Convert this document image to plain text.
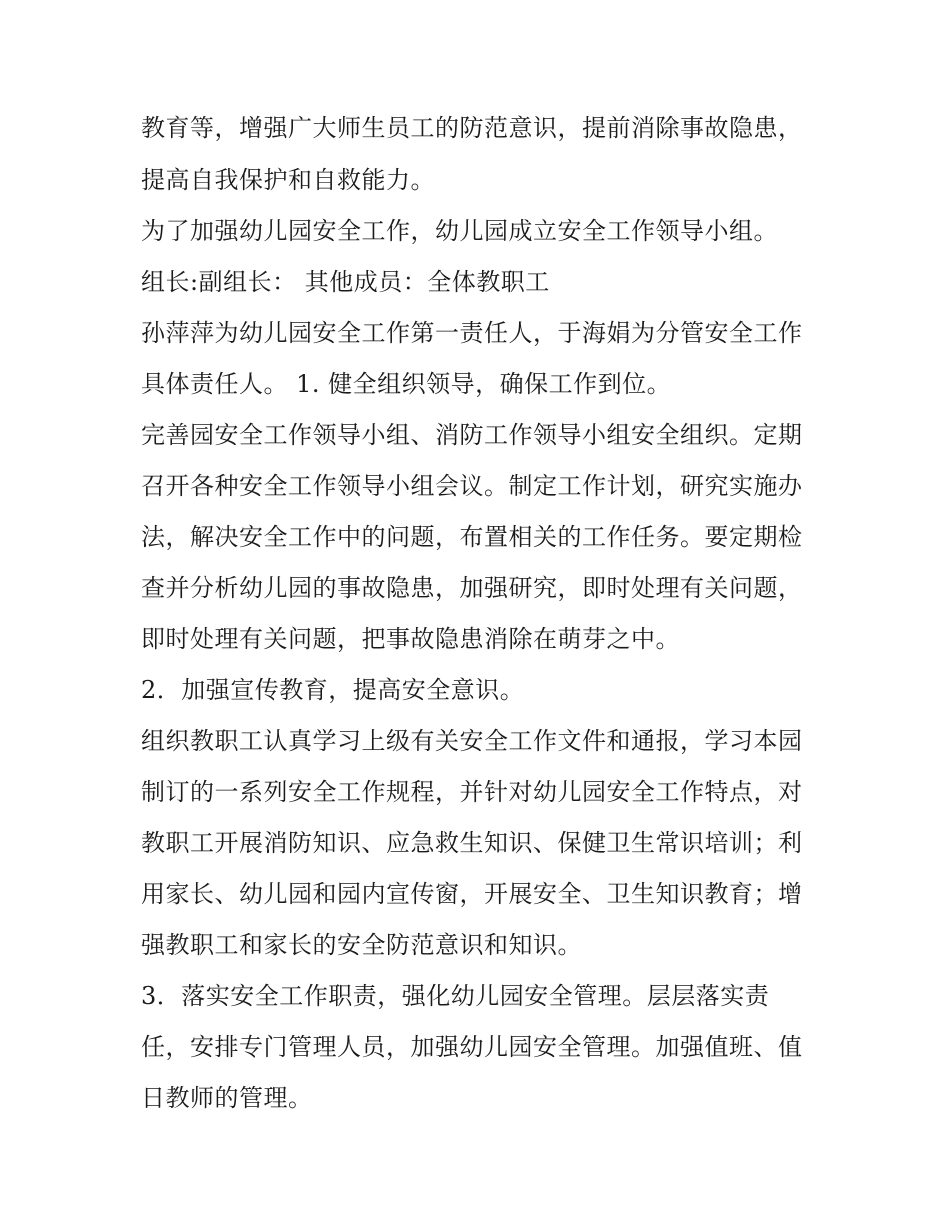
教育等，增强广大师生员工的防范意识，提前消除事故隐患，
提高自我保护和自救能力。
为了加强幼儿园安全工作，幼儿园成立安全工作领导小组。
组长:副组长： 其他成员：全体教职工
孙萍萍为幼儿园安全工作第一责任人，于海娟为分管安全工作
具体责任人。 1. 健全组织领导，确保工作到位。
完善园安全工作领导小组、消防工作领导小组安全组织。定期
召开各种安全工作领导小组会议。制定工作计划，研究实施办
法，解决安全工作中的问题，布置相关的工作任务。要定期检
查并分析幼儿园的事故隐患，加强研究，即时处理有关问题，
即时处理有关问题，把事故隐患消除在萌芽之中。
2．加强宣传教育，提高安全意识。
组织教职工认真学习上级有关安全工作文件和通报，学习本园
制订的一系列安全工作规程，并针对幼儿园安全工作特点，对
教职工开展消防知识、应急救生知识、保健卫生常识培训；利
用家长、幼儿园和园内宣传窗，开展安全、卫生知识教育；增
强教职工和家长的安全防范意识和知识。
3．落实安全工作职责，强化幼儿园安全管理。层层落实责
任，安排专门管理人员，加强幼儿园安全管理。加强值班、值
日教师的管理。
